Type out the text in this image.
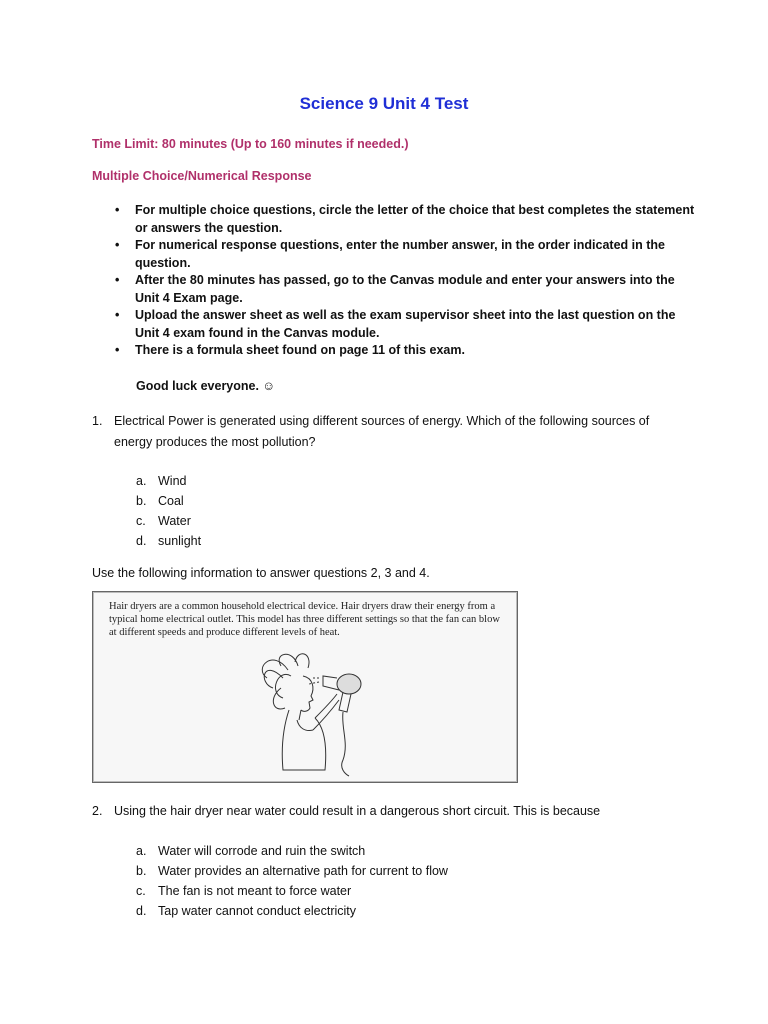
Science 9 Unit 4 Test
Time Limit: 80 minutes (Up to 160 minutes if needed.)
Multiple Choice/Numerical Response
• For multiple choice questions, circle the letter of the choice that best completes the statement or answers the question.
• For numerical response questions, enter the number answer, in the order indicated in the question.
• After the 80 minutes has passed, go to the Canvas module and enter your answers into the Unit 4 Exam page.
• Upload the answer sheet as well as the exam supervisor sheet into the last question on the Unit 4 exam found in the Canvas module.
• There is a formula sheet found on page 11 of this exam.
Good luck everyone. ☺
1. Electrical Power is generated using different sources of energy. Which of the following sources of energy produces the most pollution?
a. Wind
b. Coal
c. Water
d. sunlight
Use the following information to answer questions 2, 3 and 4.
Hair dryers are a common household electrical device. Hair dryers draw their energy from a typical home electrical outlet. This model has three different settings so that the fan can blow at different speeds and produce different levels of heat.
2. Using the hair dryer near water could result in a dangerous short circuit. This is because
a. Water will corrode and ruin the switch
b. Water provides an alternative path for current to flow
c. The fan is not meant to force water
d. Tap water cannot conduct electricity
